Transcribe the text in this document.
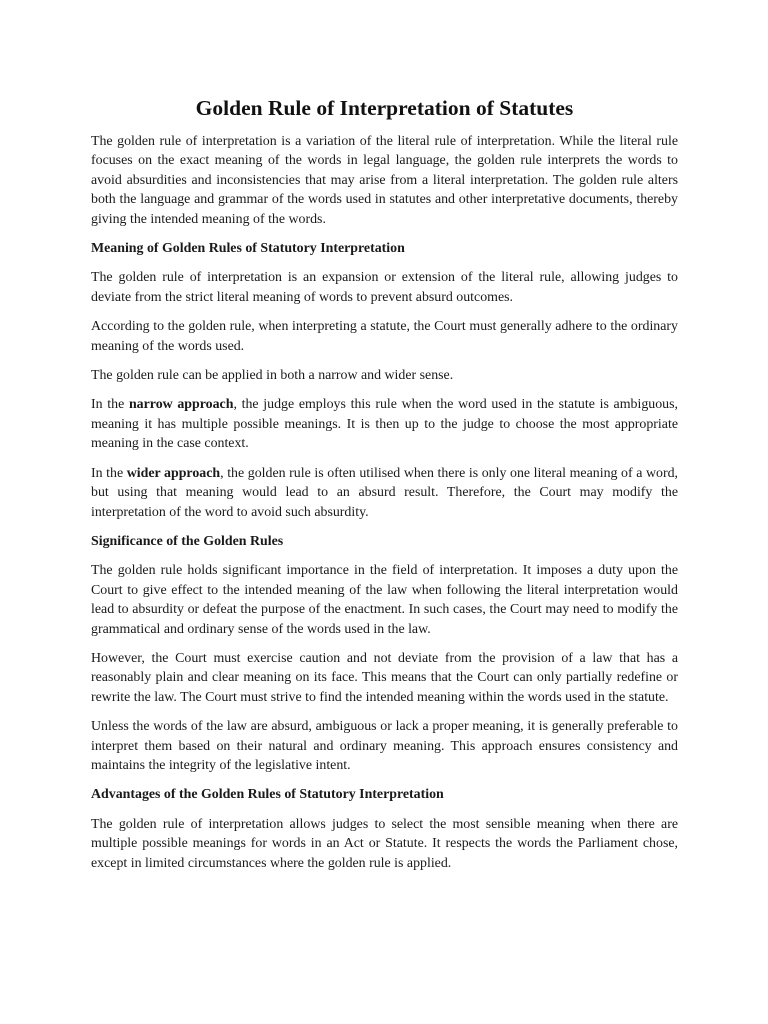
Golden Rule of Interpretation of Statutes

The golden rule of interpretation is a variation of the literal rule of interpretation. While the literal rule focuses on the exact meaning of the words in legal language, the golden rule interprets the words to avoid absurdities and inconsistencies that may arise from a literal interpretation. The golden rule alters both the language and grammar of the words used in statutes and other interpretative documents, thereby giving the intended meaning of the words.

Meaning of Golden Rules of Statutory Interpretation

The golden rule of interpretation is an expansion or extension of the literal rule, allowing judges to deviate from the strict literal meaning of words to prevent absurd outcomes.

According to the golden rule, when interpreting a statute, the Court must generally adhere to the ordinary meaning of the words used.

The golden rule can be applied in both a narrow and wider sense.

In the narrow approach, the judge employs this rule when the word used in the statute is ambiguous, meaning it has multiple possible meanings. It is then up to the judge to choose the most appropriate meaning in the case context.

In the wider approach, the golden rule is often utilised when there is only one literal meaning of a word, but using that meaning would lead to an absurd result. Therefore, the Court may modify the interpretation of the word to avoid such absurdity.

Significance of the Golden Rules

The golden rule holds significant importance in the field of interpretation. It imposes a duty upon the Court to give effect to the intended meaning of the law when following the literal interpretation would lead to absurdity or defeat the purpose of the enactment. In such cases, the Court may need to modify the grammatical and ordinary sense of the words used in the law.

However, the Court must exercise caution and not deviate from the provision of a law that has a reasonably plain and clear meaning on its face. This means that the Court can only partially redefine or rewrite the law. The Court must strive to find the intended meaning within the words used in the statute.

Unless the words of the law are absurd, ambiguous or lack a proper meaning, it is generally preferable to interpret them based on their natural and ordinary meaning. This approach ensures consistency and maintains the integrity of the legislative intent.

Advantages of the Golden Rules of Statutory Interpretation

The golden rule of interpretation allows judges to select the most sensible meaning when there are multiple possible meanings for words in an Act or Statute. It respects the words the Parliament chose, except in limited circumstances where the golden rule is applied.
